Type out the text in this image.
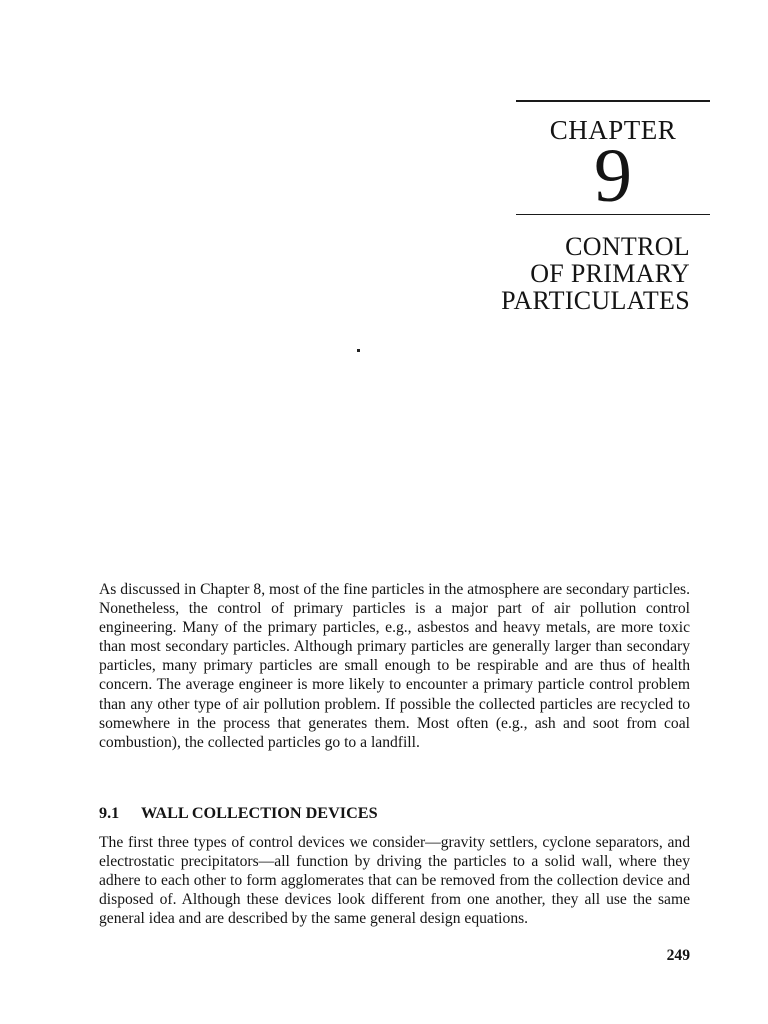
CHAPTER
9
CONTROL
OF PRIMARY
PARTICULATES

As discussed in Chapter 8, most of the fine particles in the atmosphere are secondary particles. Nonetheless, the control of primary particles is a major part of air pollution control engineering. Many of the primary particles, e.g., asbestos and heavy metals, are more toxic than most secondary particles. Although primary particles are generally larger than secondary particles, many primary particles are small enough to be respirable and are thus of health concern. The average engineer is more likely to encounter a primary particle control problem than any other type of air pollution problem. If possible the collected particles are recycled to somewhere in the process that generates them. Most often (e.g., ash and soot from coal combustion), the collected particles go to a landfill.

9.1 WALL COLLECTION DEVICES

The first three types of control devices we consider—gravity settlers, cyclone separators, and electrostatic precipitators—all function by driving the particles to a solid wall, where they adhere to each other to form agglomerates that can be removed from the collection device and disposed of. Although these devices look different from one another, they all use the same general idea and are described by the same general design equations.

249
